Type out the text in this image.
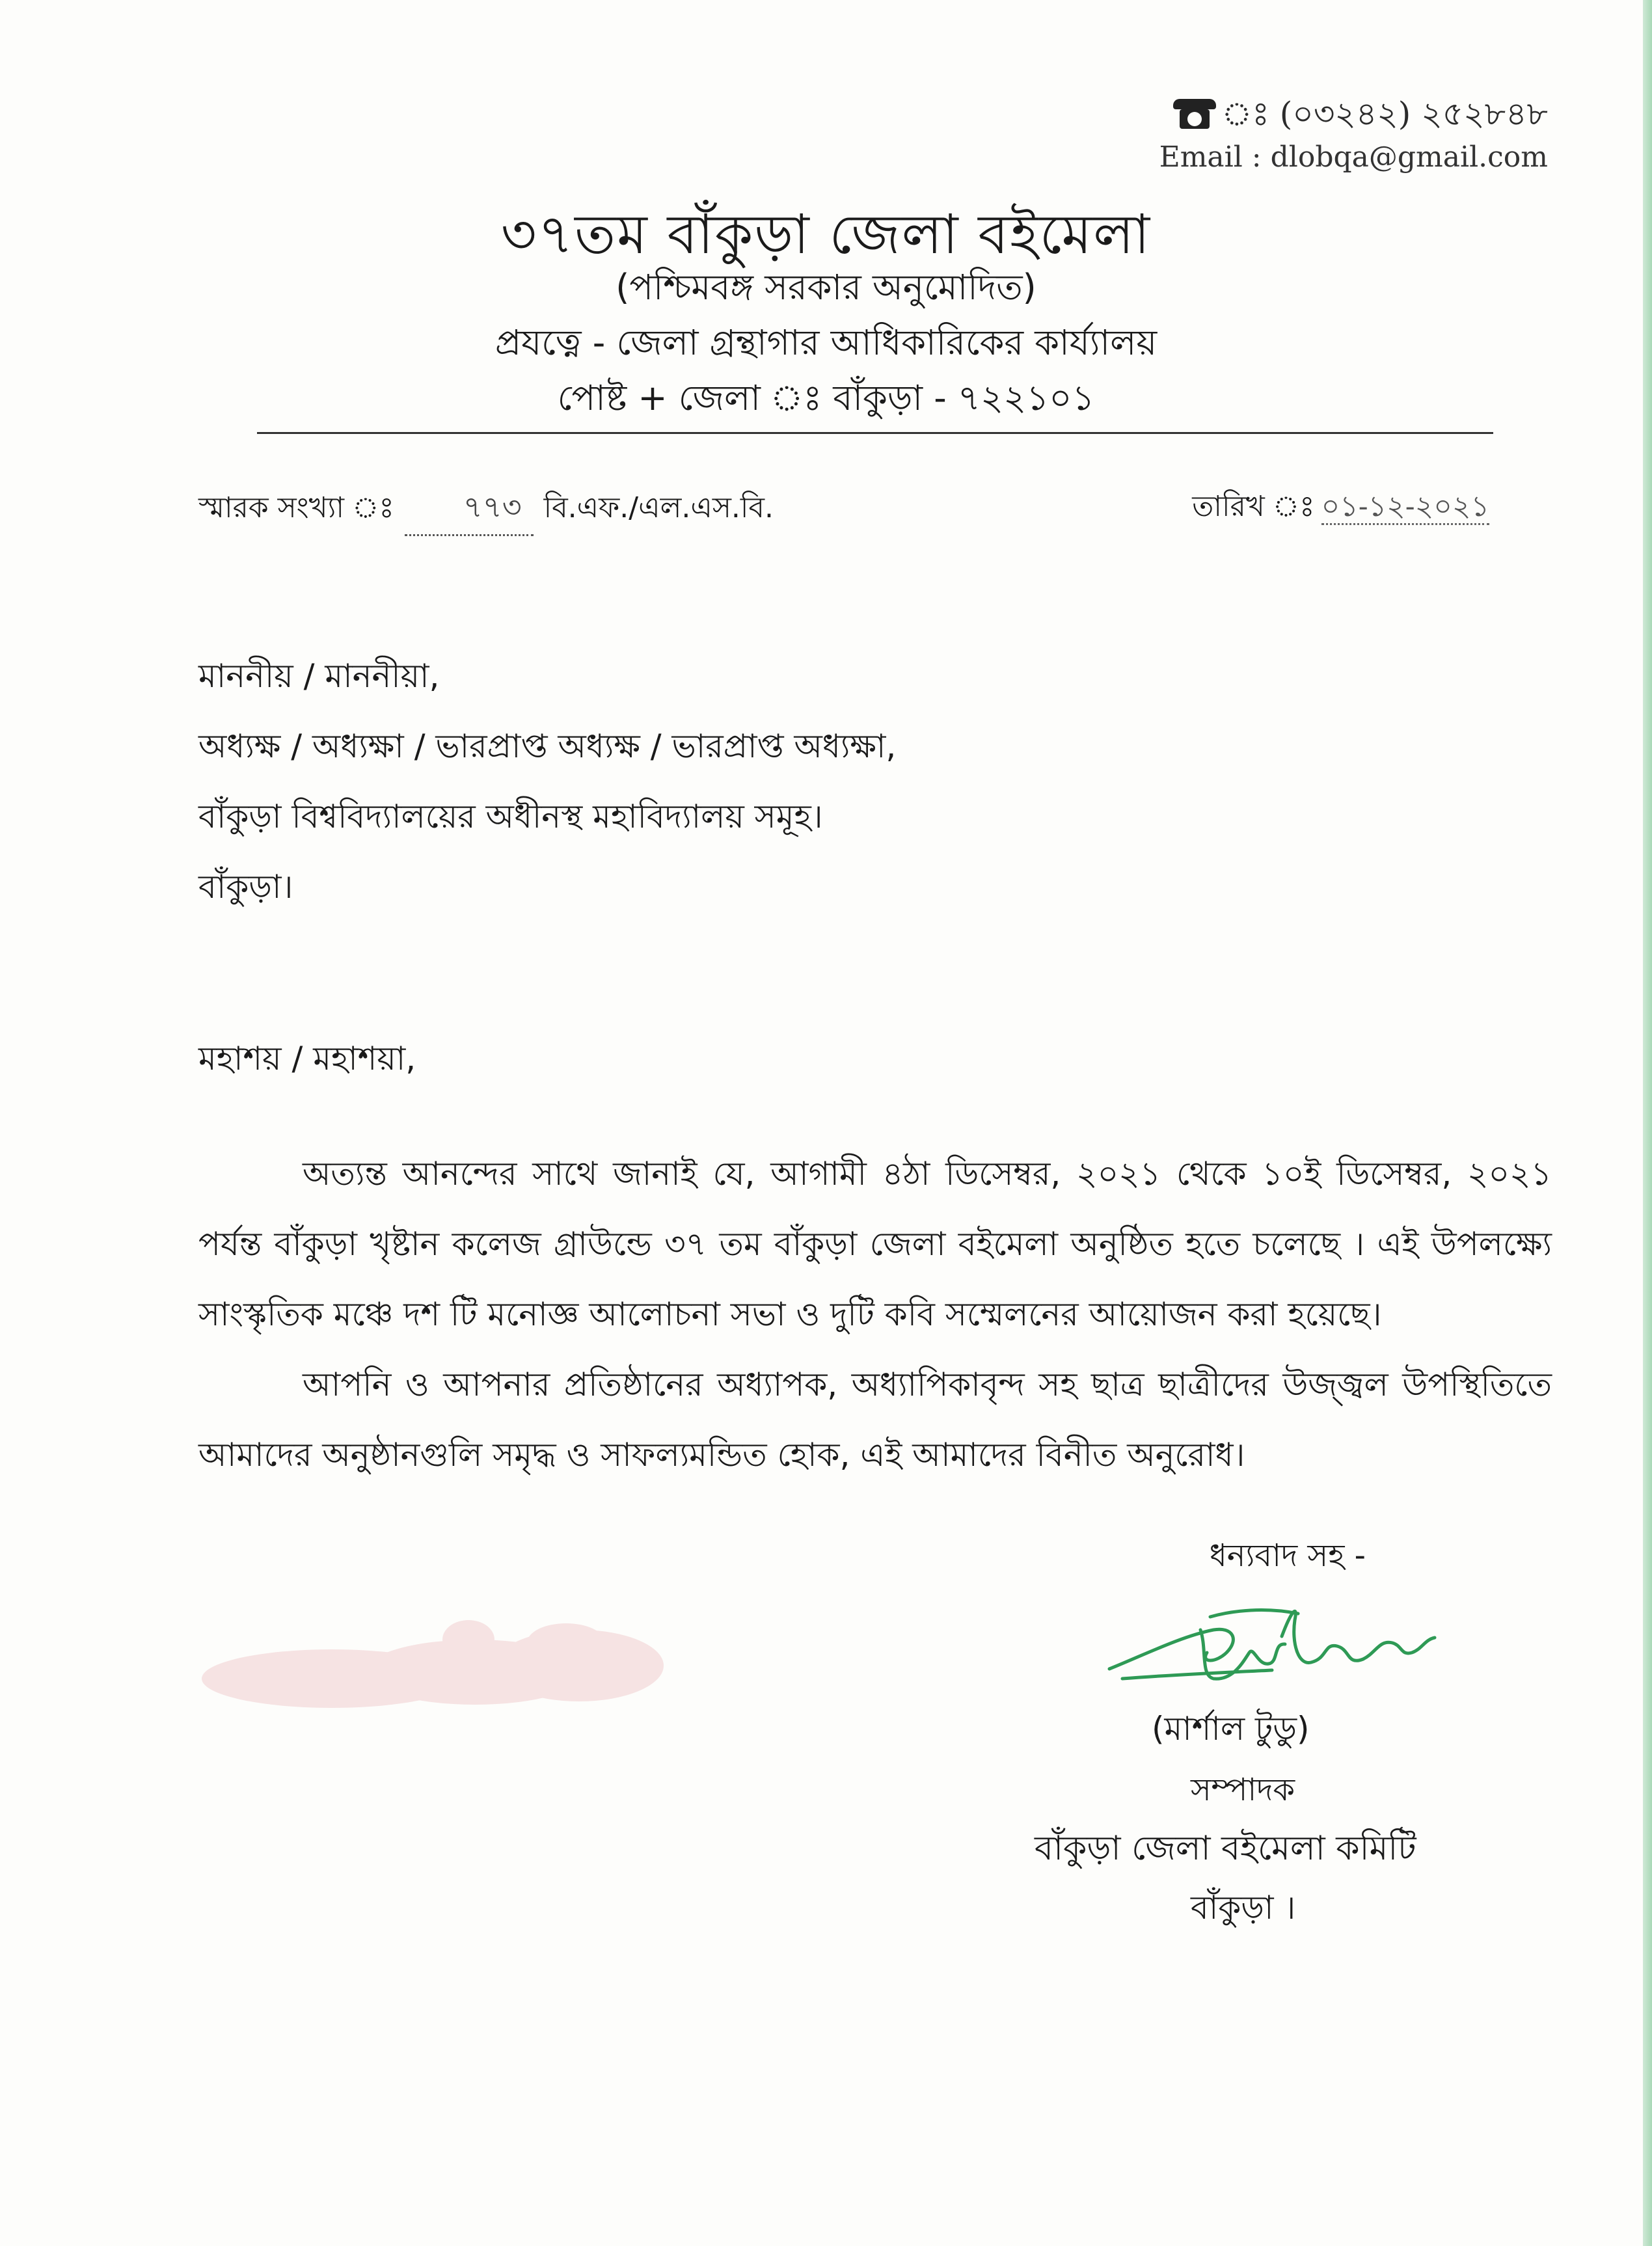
ঃ (০৩২৪২) ২৫২৮৪৮
Email : dlobqa@gmail.com
৩৭তম বাঁকুড়া জেলা বইমেলা
(পশ্চিমবঙ্গ সরকার অনুমোদিত)
প্রযত্নে - জেলা গ্রন্থাগার আধিকারিকের কার্য্যালয়
পোষ্ট + জেলা ঃ বাঁকুড়া - ৭২২১০১
স্মারক সংখ্যা ঃ ৭৭৩ বি.এফ./এল.এস.বি.	তারিখ ঃ ০১-১২-২০২১
মাননীয় / মাননীয়া,
অধ্যক্ষ / অধ্যক্ষা / ভারপ্রাপ্ত অধ্যক্ষ / ভারপ্রাপ্ত অধ্যক্ষা,
বাঁকুড়া বিশ্ববিদ্যালয়ের অধীনস্থ মহাবিদ্যালয় সমূহ।
বাঁকুড়া।
মহাশয় / মহাশয়া,

অত্যন্ত আনন্দের সাথে জানাই যে, আগামী ৪ঠা ডিসেম্বর, ২০২১ থেকে ১০ই ডিসেম্বর, ২০২১ পর্যন্ত বাঁকুড়া খৃষ্টান কলেজ গ্রাউন্ডে ৩৭ তম বাঁকুড়া জেলা বইমেলা অনুষ্ঠিত হতে চলেছে । এই উপলক্ষ্যে সাংস্কৃতিক মঞ্চে দশ টি মনোজ্ঞ আলোচনা সভা ও দুটি কবি সম্মেলনের আয়োজন করা হয়েছে।

আপনি ও আপনার প্রতিষ্ঠানের অধ্যাপক, অধ্যাপিকাবৃন্দ সহ ছাত্র ছাত্রীদের উজ্জ্বল উপস্থিতিতে আমাদের অনুষ্ঠানগুলি সমৃদ্ধ ও সাফল্যমন্ডিত হোক, এই আমাদের বিনীত অনুরোধ।

ধন্যবাদ সহ -
(মার্শাল টুডু)
সম্পাদক
বাঁকুড়া জেলা বইমেলা কমিটি
বাঁকুড়া ।
